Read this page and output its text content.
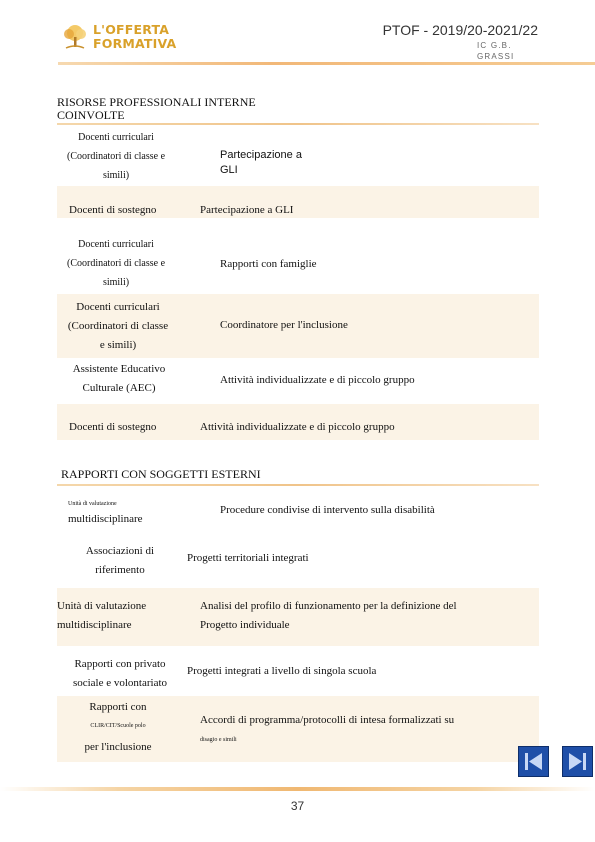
L'OFFERTA
FORMATIVA
PTOF - 2019/20-2021/22
IC G.B.
GRASSI
RISORSE PROFESSIONALI INTERNE
COINVOLTE
Docenti curriculari
(Coordinatori di classe e
simili)
Partecipazione a
GLI
Docenti di sostegno	Partecipazione a GLI
Docenti curriculari
(Coordinatori di classe e
simili)
Rapporti con famiglie
Docenti curriculari
(Coordinatori di classe
e simili)
Coordinatore per l'inclusione
Assistente Educativo
Culturale (AEC)
Attività individualizzate e di piccolo gruppo
Docenti di sostegno	Attività individualizzate e di piccolo gruppo
RAPPORTI CON SOGGETTI ESTERNI
Unità di valutazione
multidisciplinare
Procedure condivise di intervento sulla disabilità
Associazioni di
riferimento
Progetti territoriali integrati
Unità di valutazione
multidisciplinare
Analisi del profilo di funzionamento per la definizione del
Progetto individuale
Rapporti con privato
sociale e volontariato
Progetti integrati a livello di singola scuola
Rapporti con
CLIR/CIT/Scuole polo
per l'inclusione
Accordi di programma/protocolli di intesa formalizzati su
disagio e simili
37
